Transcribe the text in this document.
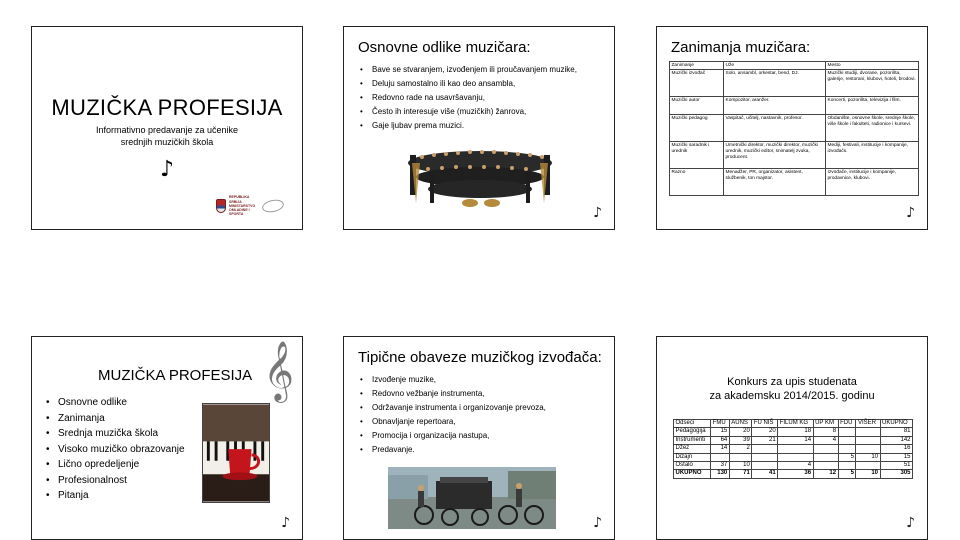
MUZIČKA PROFESIJA
Informativno predavanje za učenike
srednjih muzičkih škola
♪
REPUBLIKA SRBIJA
MINISTARSTVO
OMLADINE I
SPORTA
Osnovne odlike muzičara:
• Bave se stvaranjem, izvođenjem ili proučavanjem muzike,
• Deluju samostalno ili kao deo ansambla,
• Redovno rade na usavršavanju,
• Često ih interesuje više (muzičkih) žanrova,
• Gaje ljubav prema muzici.
♪
Zanimanja muzičara:
Zanimanje	Uže	Mesto
Muzički izvođač	Solo, ansambl, orkestar, bend, DJ.	Muzički studiji, dvorane, pozorišta, galerije, restorani, klubovi, hoteli, brodovi.
Muzički autor	Kompozitor, aranžer.	Koncerti, pozorišta, televizija i film.
Muzički pedagog	Vaspitač, učitelj, nastavnik, profesor.	Obdanište, osnovne škole, srednje škole, više škole i fakulteti, radionice i kursevi.
Muzički saradnik i urednik	Umetnički direktor, muzički direktor, muzički urednik, muzički editor, snimatelj zvuka, producent.	Mediji, festivali, institucije i kompanije, izvođačs.
Razno	Menadžer, PR, organizator, asistent, službenik, ton majstor.	Izvođače, institucije i kompanije, prodavnice, klubovi.
♪
𝄞
MUZIČKA PROFESIJA
• Osnovne odlike
• Zanimanja
• Srednja muzička škola
• Visoko muzičko obrazovanje
• Lično opredeljenje
• Profesionalnost
• Pitanja
♪
Tipične obaveze muzičkog izvođača:
• Izvođenje muzike,
• Redovno vežbanje instrumenta,
• Održavanje instrumenta i organizovanje prevoza,
• Obnavljanje repertoara,
• Promocija i organizacija nastupa,
• Predavanje.
♪
Konkurs za upis studenata
za akademsku 2014/2015. godinu
Odseci	FMU	AUNS	FU NIŠ	FILUM KG	UP KM	FDU	VIŠER	UKUPNO
Pedagogija	15	20	20	18	8			81
Instrumenti	64	39	21	14	4			142
Džez	14	2						16
Dizajn						5	10	15
Ostalo	37	10		4				51
UKUPNO	130	71	41	36	12	5	10	305
♪
